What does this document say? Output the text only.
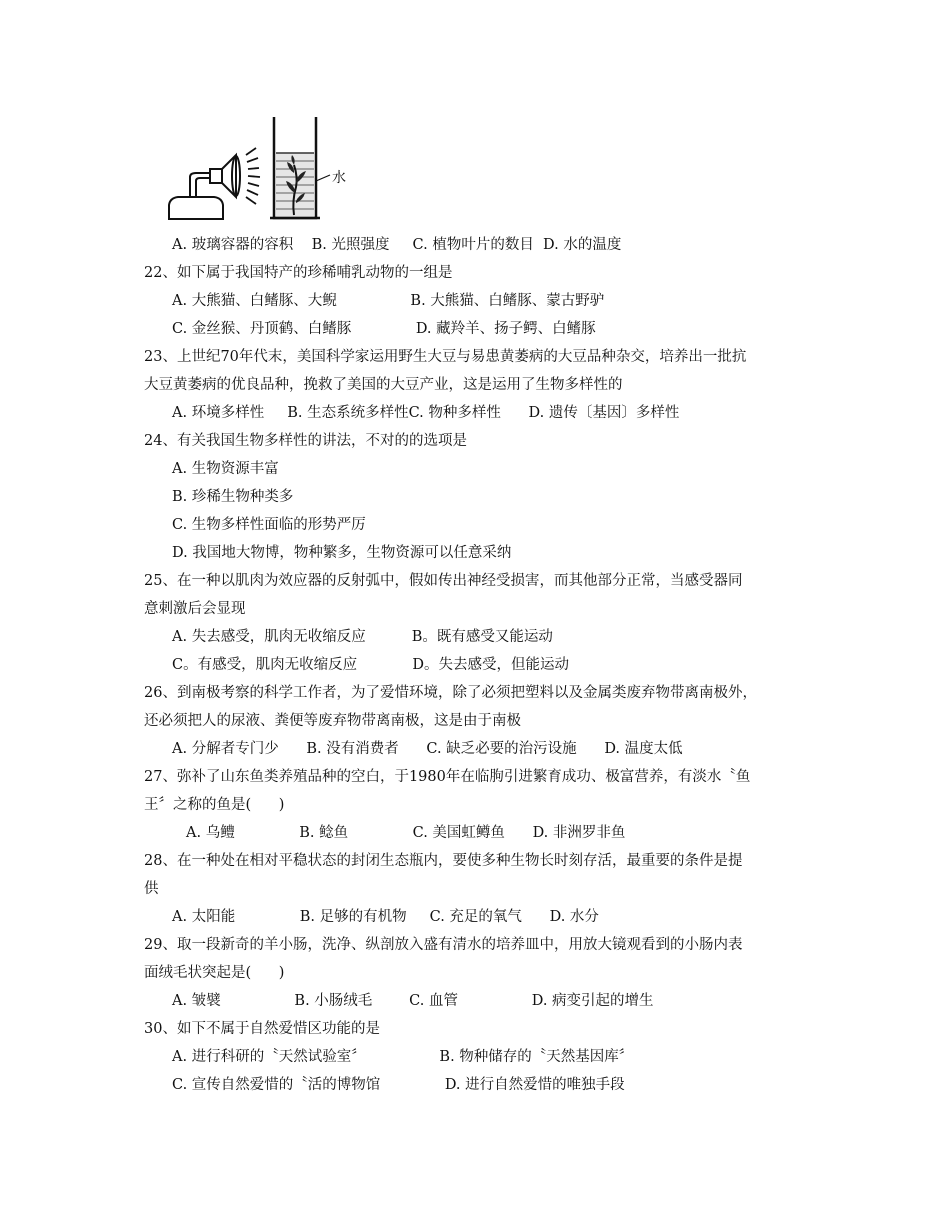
水
A. 玻璃容器的容积    B. 光照强度     C. 植物叶片的数目  D. 水的温度
22、如下属于我国特产的珍稀哺乳动物的一组是
A. 大熊猫、白鳍豚、大鲵                B. 大熊猫、白鳍豚、蒙古野驴
C. 金丝猴、丹顶鹤、白鳍豚              D. 藏羚羊、扬子鳄、白鳍豚
23、上世纪70年代末，美国科学家运用野生大豆与易患黄萎病的大豆品种杂交，培养出一批抗
大豆黄萎病的优良品种，挽救了美国的大豆产业，这是运用了生物多样性的
A. 环境多样性     B. 生态系统多样性C. 物种多样性      D. 遗传〔基因〕多样性
24、有关我国生物多样性的讲法，不对的的选项是
A. 生物资源丰富
B. 珍稀生物种类多
C. 生物多样性面临的形势严厉
D. 我国地大物博，物种繁多，生物资源可以任意采纳
25、在一种以肌肉为效应器的反射弧中，假如传出神经受损害，而其他部分正常，当感受器同
意刺激后会显现
A. 失去感受，肌肉无收缩反应          B。既有感受又能运动
C。有感受，肌肉无收缩反应            D。失去感受，但能运动
26、到南极考察的科学工作者，为了爱惜环境，除了必须把塑料以及金属类废弃物带离南极外，
还必须把人的尿液、粪便等废弃物带离南极，这是由于南极
A. 分解者专门少      B. 没有消费者      C. 缺乏必要的治污设施      D. 温度太低
27、弥补了山东鱼类养殖品种的空白，于1980年在临朐引进繁育成功、极富营养，有淡水〝鱼
王〞之称的鱼是(      )
A. 乌鳢              B. 鲶鱼              C. 美国虹鳟鱼      D. 非洲罗非鱼
28、在一种处在相对平稳状态的封闭生态瓶内，要使多种生物长时刻存活，最重要的条件是提
供
A. 太阳能              B. 足够的有机物     C. 充足的氧气      D. 水分
29、取一段新奇的羊小肠，洗净、纵剖放入盛有清水的培养皿中，用放大镜观看到的小肠内表
面绒毛状突起是(      )
A. 皱襞                B. 小肠绒毛        C. 血管                D. 病变引起的增生
30、如下不属于自然爱惜区功能的是
A. 进行科研的〝天然试验室〞                B. 物种储存的〝天然基因库〞
C. 宣传自然爱惜的〝活的博物馆              D. 进行自然爱惜的唯独手段
